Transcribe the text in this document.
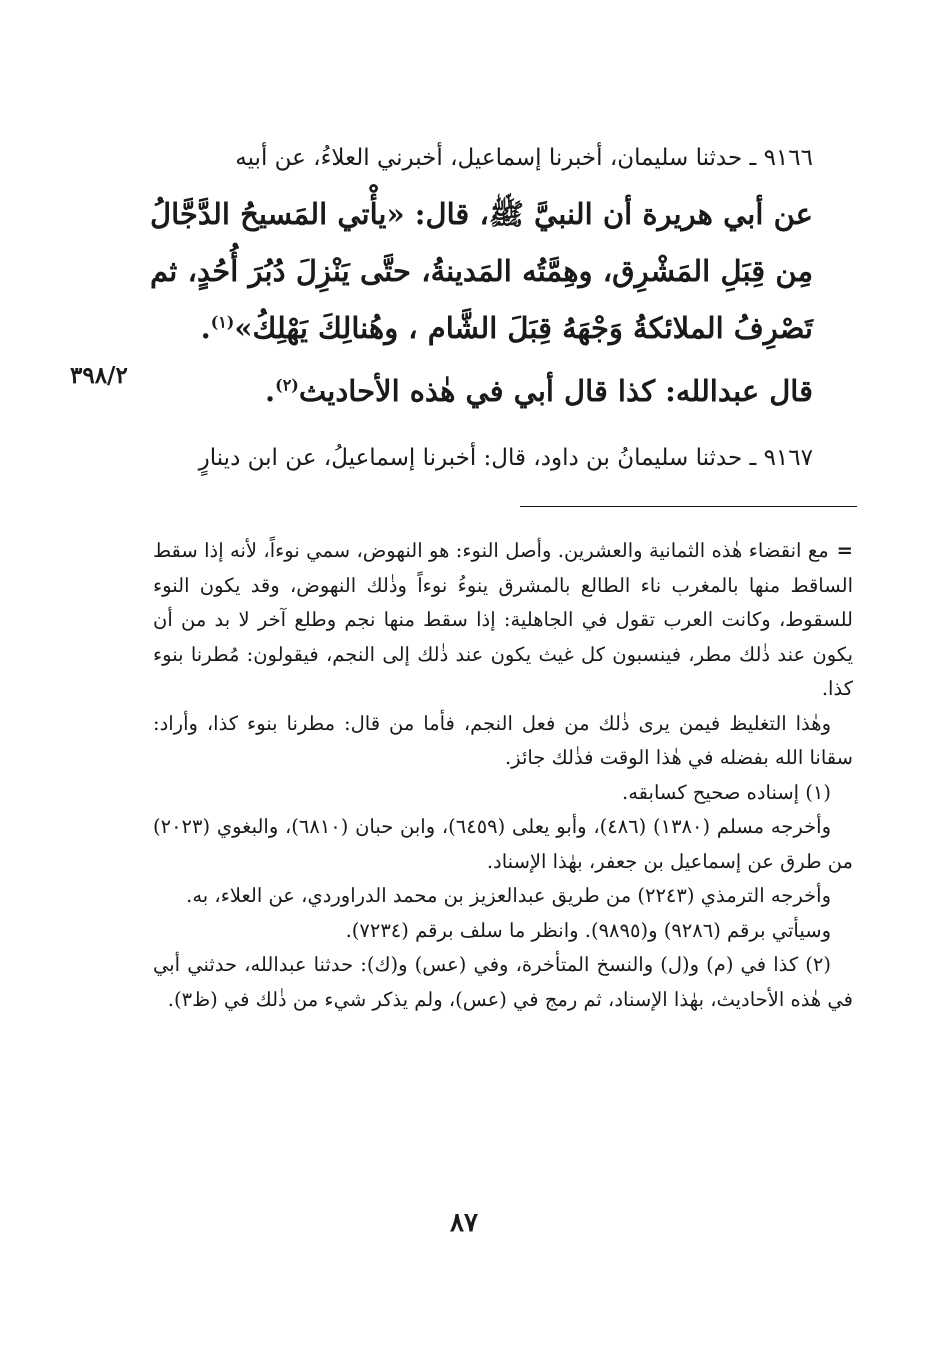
٩١٦٦ ـ حدثنا سليمان، أخبرنا إسماعيل، أخبرني العلاءُ، عن أبيه

عن أبي هريرة أن النبيَّ ﷺ، قال: «يأْتي المَسيحُ الدَّجَّالُ مِن قِبَلِ المَشْرِق، وهِمَّتُه المَدينةُ، حتَّى يَنْزِلَ دُبُرَ أُحُدٍ، ثم تَصْرِفُ الملائكةُ وَجْهَهُ قِبَلَ الشَّام ، وهُنالِكَ يَهْلِكُ»$^{(١)}$.

قال عبدالله: كذا قال أبي في هٰذه الأحاديث$^{(٢)}$.

٩١٦٧ ـ حدثنا سليمانُ بن داود، قال: أخبرنا إسماعيلُ، عن ابن دينارٍ

٣٩٨/٢

=مع انقضاء هٰذه الثمانية والعشرين. وأصل النوء: هو النهوض، سمي نوءاً، لأنه إذا سقط الساقط منها بالمغرب ناء الطالع بالمشرق ينوءُ نوءاً وذٰلك النهوض، وقد يكون النوء للسقوط، وكانت العرب تقول في الجاهلية: إذا سقط منها نجم وطلع آخر لا بد من أن يكون عند ذٰلك مطر، فينسبون كل غيث يكون عند ذٰلك إلى النجم، فيقولون: مُطرنا بنوء كذا.

وهٰذا التغليظ فيمن يرى ذٰلك من فعل النجم، فأما من قال: مطرنا بنوء كذا، وأراد: سقانا الله بفضله في هٰذا الوقت فذٰلك جائز.

(١) إسناده صحيح كسابقه.

وأخرجه مسلم (١٣٨٠) (٤٨٦)، وأبو يعلى (٦٤٥٩)، وابن حبان (٦٨١٠)، والبغوي (٢٠٢٣) من طرق عن إسماعيل بن جعفر، بهٰذا الإسناد.

وأخرجه الترمذي (٢٢٤٣) من طريق عبدالعزيز بن محمد الدراوردي، عن العلاء، به.

وسيأتي برقم (٩٢٨٦) و(٩٨٩٥). وانظر ما سلف برقم (٧٢٣٤).

(٢) كذا في (م) و(ل) والنسخ المتأخرة، وفي (عس) و(ك): حدثنا عبدالله، حدثني أبي في هٰذه الأحاديث، بهٰذا الإسناد، ثم رمج في (عس)، ولم يذكر شيء من ذٰلك في (ظ٣).

٨٧
